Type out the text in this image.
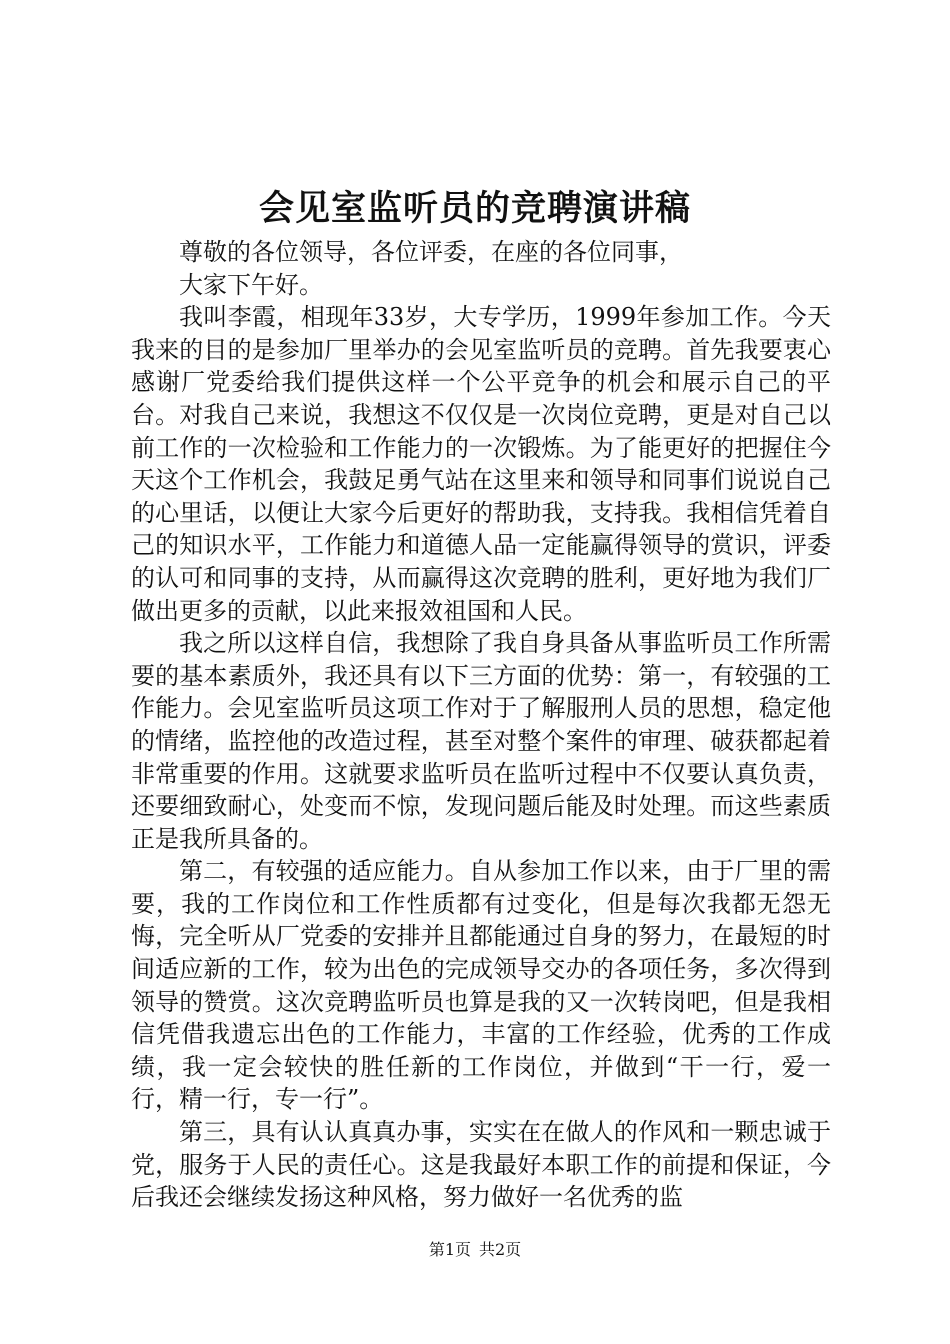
会见室监听员的竞聘演讲稿

尊敬的各位领导，各位评委，在座的各位同事，

大家下午好。

我叫李霞，相现年33岁，大专学历，1999年参加工作。今天我来的目的是参加厂里举办的会见室监听员的竞聘。首先我要衷心感谢厂党委给我们提供这样一个公平竞争的机会和展示自己的平台。对我自己来说，我想这不仅仅是一次岗位竞聘，更是对自己以前工作的一次检验和工作能力的一次锻炼。为了能更好的把握住今天这个工作机会，我鼓足勇气站在这里来和领导和同事们说说自己的心里话，以便让大家今后更好的帮助我，支持我。我相信凭着自己的知识水平，工作能力和道德人品一定能赢得领导的赏识，评委的认可和同事的支持，从而赢得这次竞聘的胜利，更好地为我们厂做出更多的贡献，以此来报效祖国和人民。

我之所以这样自信，我想除了我自身具备从事监听员工作所需要的基本素质外，我还具有以下三方面的优势：第一，有较强的工作能力。会见室监听员这项工作对于了解服刑人员的思想，稳定他的情绪，监控他的改造过程，甚至对整个案件的审理、破获都起着非常重要的作用。这就要求监听员在监听过程中不仅要认真负责，还要细致耐心，处变而不惊，发现问题后能及时处理。而这些素质正是我所具备的。

第二，有较强的适应能力。自从参加工作以来，由于厂里的需要，我的工作岗位和工作性质都有过变化，但是每次我都无怨无悔，完全听从厂党委的安排并且都能通过自身的努力，在最短的时间适应新的工作，较为出色的完成领导交办的各项任务，多次得到领导的赞赏。这次竞聘监听员也算是我的又一次转岗吧，但是我相信凭借我遗忘出色的工作能力，丰富的工作经验，优秀的工作成绩，我一定会较快的胜任新的工作岗位，并做到“干一行，爱一行，精一行，专一行”。

第三，具有认认真真办事，实实在在做人的作风和一颗忠诚于党，服务于人民的责任心。这是我最好本职工作的前提和保证，今后我还会继续发扬这种风格，努力做好一名优秀的监

第1页 共2页
